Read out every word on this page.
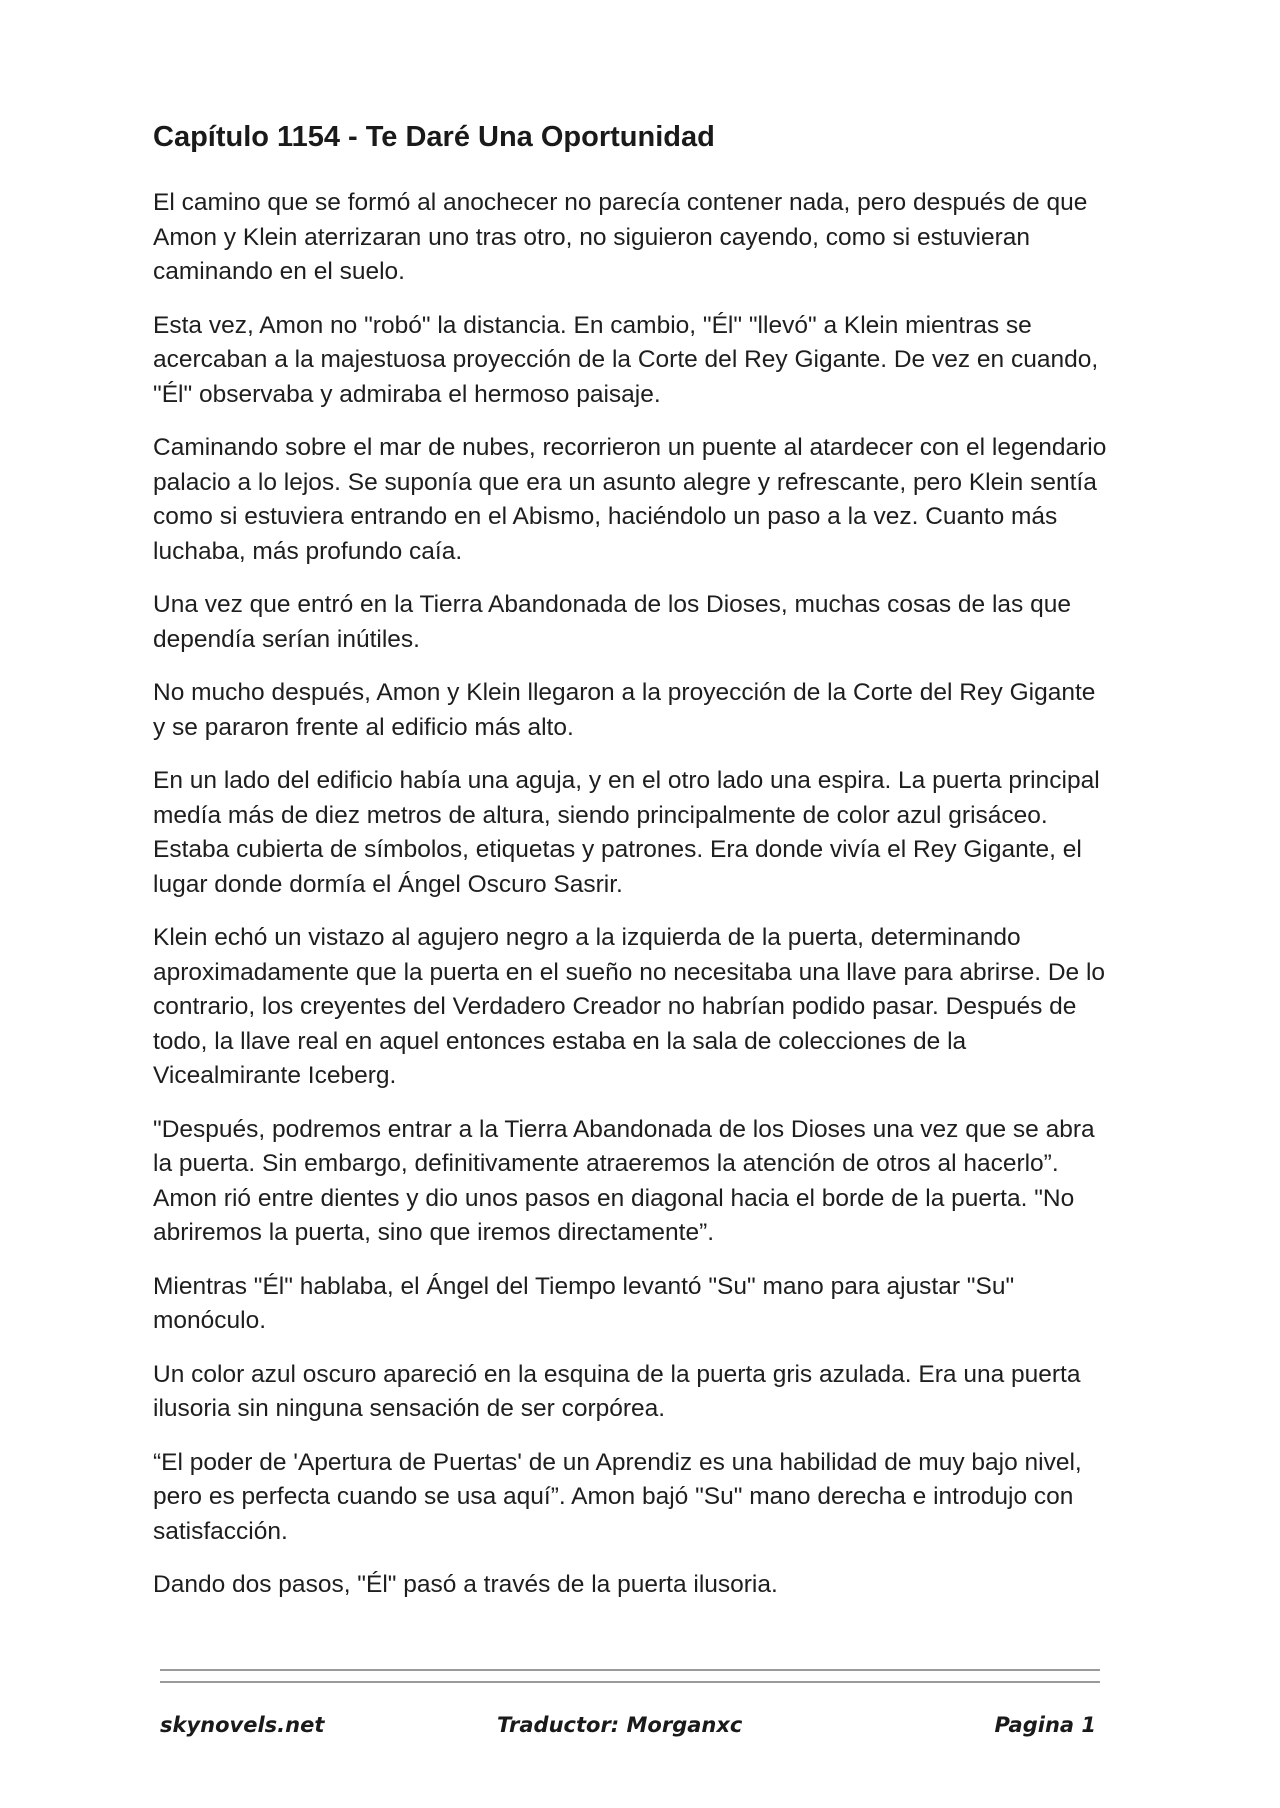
Capítulo 1154 - Te Daré Una Oportunidad

El camino que se formó al anochecer no parecía contener nada, pero después de que Amon y Klein aterrizaran uno tras otro, no siguieron cayendo, como si estuvieran caminando en el suelo.

Esta vez, Amon no "robó" la distancia. En cambio, "Él" "llevó" a Klein mientras se acercaban a la majestuosa proyección de la Corte del Rey Gigante. De vez en cuando, "Él" observaba y admiraba el hermoso paisaje.

Caminando sobre el mar de nubes, recorrieron un puente al atardecer con el legendario palacio a lo lejos. Se suponía que era un asunto alegre y refrescante, pero Klein sentía como si estuviera entrando en el Abismo, haciéndolo un paso a la vez. Cuanto más luchaba, más profundo caía.

Una vez que entró en la Tierra Abandonada de los Dioses, muchas cosas de las que dependía serían inútiles.

No mucho después, Amon y Klein llegaron a la proyección de la Corte del Rey Gigante y se pararon frente al edificio más alto.

En un lado del edificio había una aguja, y en el otro lado una espira. La puerta principal medía más de diez metros de altura, siendo principalmente de color azul grisáceo. Estaba cubierta de símbolos, etiquetas y patrones. Era donde vivía el Rey Gigante, el lugar donde dormía el Ángel Oscuro Sasrir.

Klein echó un vistazo al agujero negro a la izquierda de la puerta, determinando aproximadamente que la puerta en el sueño no necesitaba una llave para abrirse. De lo contrario, los creyentes del Verdadero Creador no habrían podido pasar. Después de todo, la llave real en aquel entonces estaba en la sala de colecciones de la Vicealmirante Iceberg.

"Después, podremos entrar a la Tierra Abandonada de los Dioses una vez que se abra la puerta. Sin embargo, definitivamente atraeremos la atención de otros al hacerlo”. Amon rió entre dientes y dio unos pasos en diagonal hacia el borde de la puerta. "No abriremos la puerta, sino que iremos directamente”.

Mientras "Él" hablaba, el Ángel del Tiempo levantó "Su" mano para ajustar "Su" monóculo.

Un color azul oscuro apareció en la esquina de la puerta gris azulada. Era una puerta ilusoria sin ninguna sensación de ser corpórea.

“El poder de 'Apertura de Puertas' de un Aprendiz es una habilidad de muy bajo nivel, pero es perfecta cuando se usa aquí”. Amon bajó "Su" mano derecha e introdujo con satisfacción.

Dando dos pasos, "Él" pasó a través de la puerta ilusoria.

skynovels.net	Traductor: Morganxc	Pagina 1
